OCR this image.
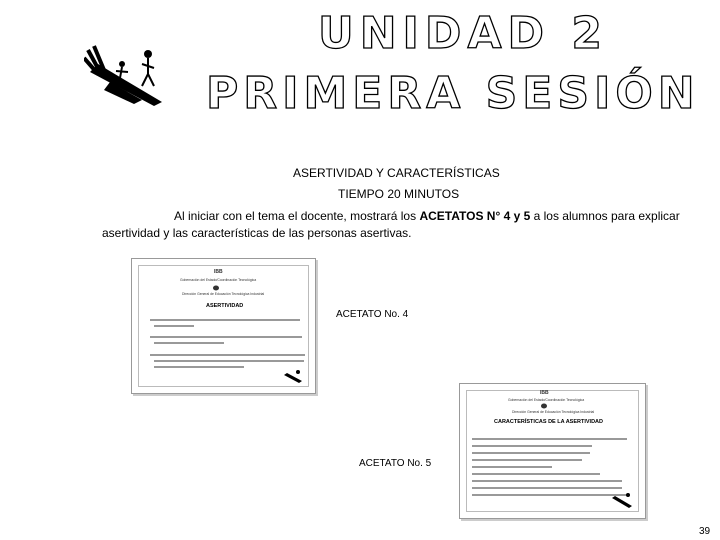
UNIDAD 2
PRIMERA SESIÓN
ASERTIVIDAD Y CARACTERÍSTICAS
TIEMPO 20 MINUTOS
Al iniciar con el tema el docente, mostrará los ACETATOS N° 4 y 5 a los alumnos para explicar asertividad y las características de las personas asertivas.
IBB
Gobernación del Estado/Coordinación Tecnológica
Dirección General de Educación Tecnológica Industrial
ASERTIVIDAD
ACETATO No. 4
IBB
Gobernación del Estado/Coordinación Tecnológica
Dirección General de Educación Tecnológica Industrial
CARACTERÍSTICAS DE LA ASERTIVIDAD
ACETATO No. 5
39
